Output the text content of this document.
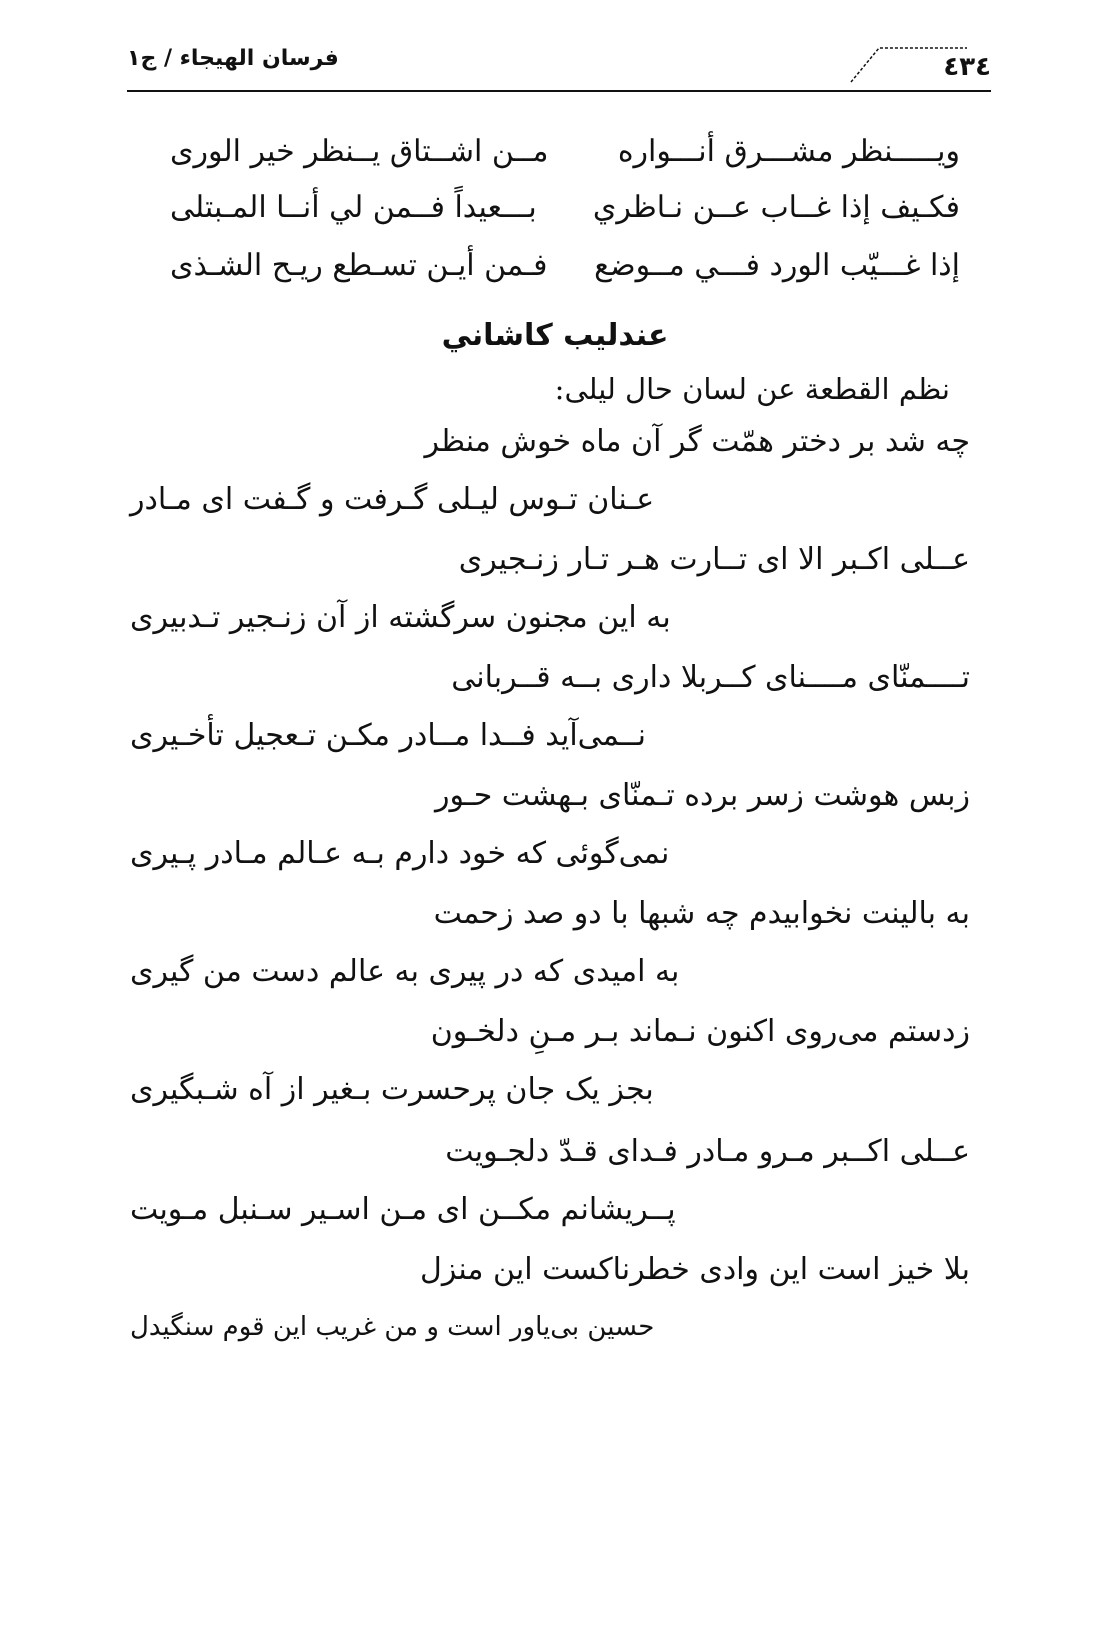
٤٣٤
فرسان الهيجاء / ج١
ويـــــنظر مشـــرق أنـــواره
مــن اشــتاق يــنظر خير الورى
فكـيف إذا غــاب عــن نـاظري
بـــعيداً فــمن لي أنــا المـبتلى
إذا غـــيّب الورد فـــي مــوضع
فـمن أيـن تسـطع ريـح الشـذى
عندليب كاشاني
نظم القطعة عن لسان حال ليلى:
چه شد بر دختر همّت گر آن ماه خوش منظر
عـنان تـوس ليـلى گـرفت و گـفت اى مـادر
عــلى اكـبر الا اى تــارت هـر تـار زنـجيرى
به اين مجنون سرگشته از آن زنـجير تـدبيرى
تــــمنّاى مــــناى كــربلا دارى بــه قــربانى
نــمى‌آيد فــدا مــادر مكـن تـعجيل تأخـيرى
زبس هوشت زسر برده تـمنّاى بـهشت حـور
نمى‌گوئى كه خود دارم بـه عـالم مـادر پـيرى
به بالينت نخوابيدم چه شبها با دو صد زحمت
به اميدى كه در پيرى به عالم دست من گيرى
زدستم مى‌روى اكنون نـماند بـر مـنِ دلخـون
بجز يک جان پرحسرت بـغير از آه شـبگيرى
عــلى اكــبر مـرو مـادر فـداى قـدّ دلجـويت
پــريشانم مكــن اى مـن اسـير سـنبل مـويت
بلا خيز است اين وادى خطرناكست اين منزل
حسين بى‌ياور است و من غريب اين قوم سنگيدل
